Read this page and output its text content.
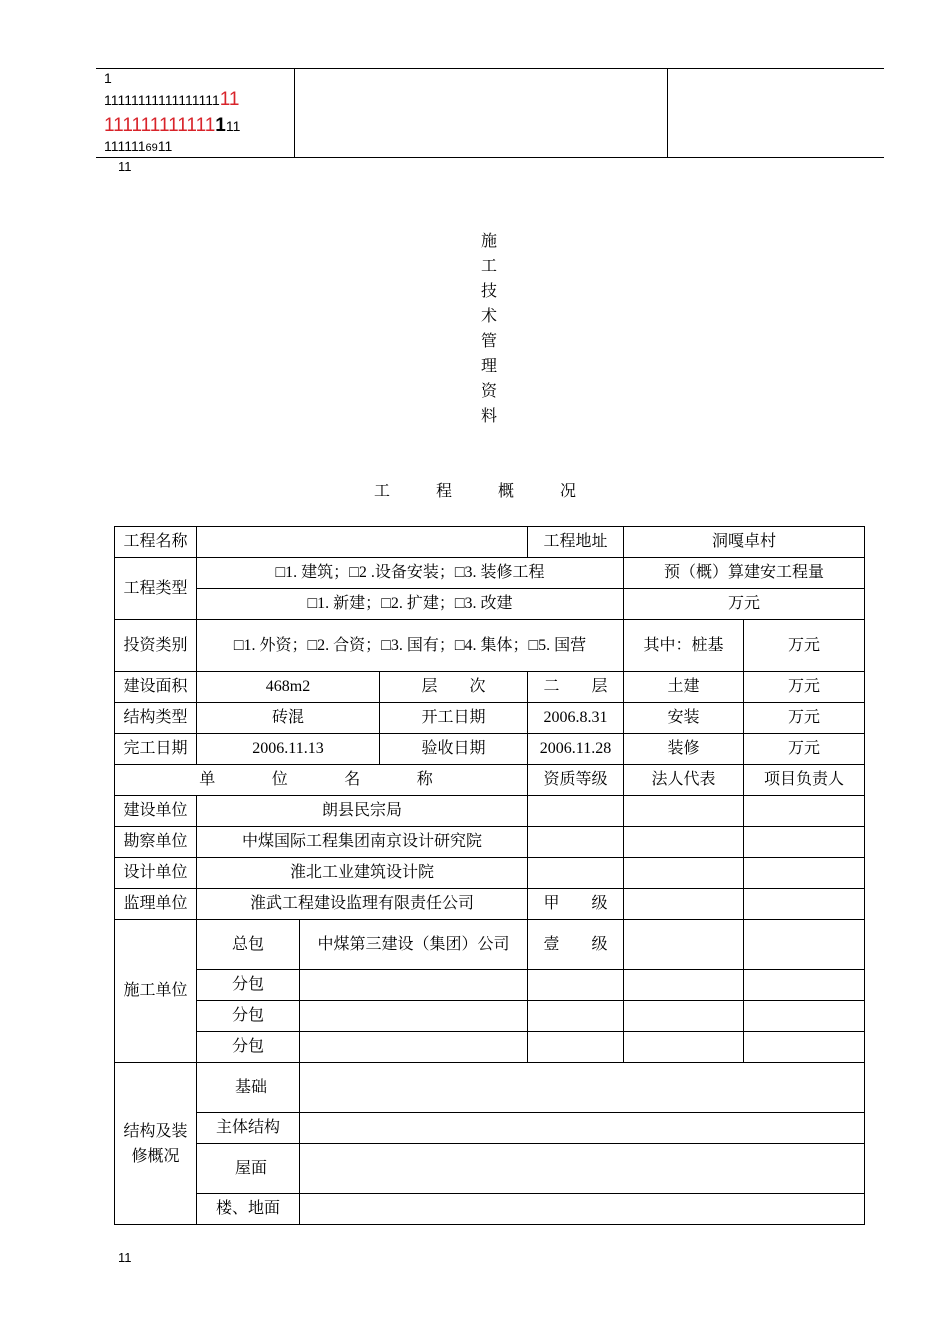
1
1111111111111111111
111111111111111
1111116911
11
施
工
技
术
管
理
资
料
工	程	概	况
工程名称				工程地址	洞嘎卓村	
工程类型	□1. 建筑；□2 .设备安装；□3. 装修工程				预（概）算建安工程量	
	□1. 新建；□2. 扩建；□3. 改建				万元	
投资类别	□1. 外资；□2. 合资；□3. 国有；□4. 集体；□5. 国营				其中：桩基	万元
建设面积	468m2		层　　次	二　　层	土建	万元
结构类型	砖混		开工日期	2006.8.31	安装	万元
完工日期	2006.11.13		验收日期	2006.11.28	装修	万元

单 位 名 称				资质等级	法人代表	项目负责人
建设单位	朗县民宗局					
勘察单位	中煤国际工程集团南京设计研究院					
设计单位	淮北工业建筑设计院					
监理单位	淮武工程建设监理有限责任公司			甲　　级		
施工单位	总包	中煤第三建设（集团）公司		壹　　级		
	分包					
	分包					
	分包					
结构及装修概况	基础					
	主体结构					
	屋面					
	楼、地面					
11
